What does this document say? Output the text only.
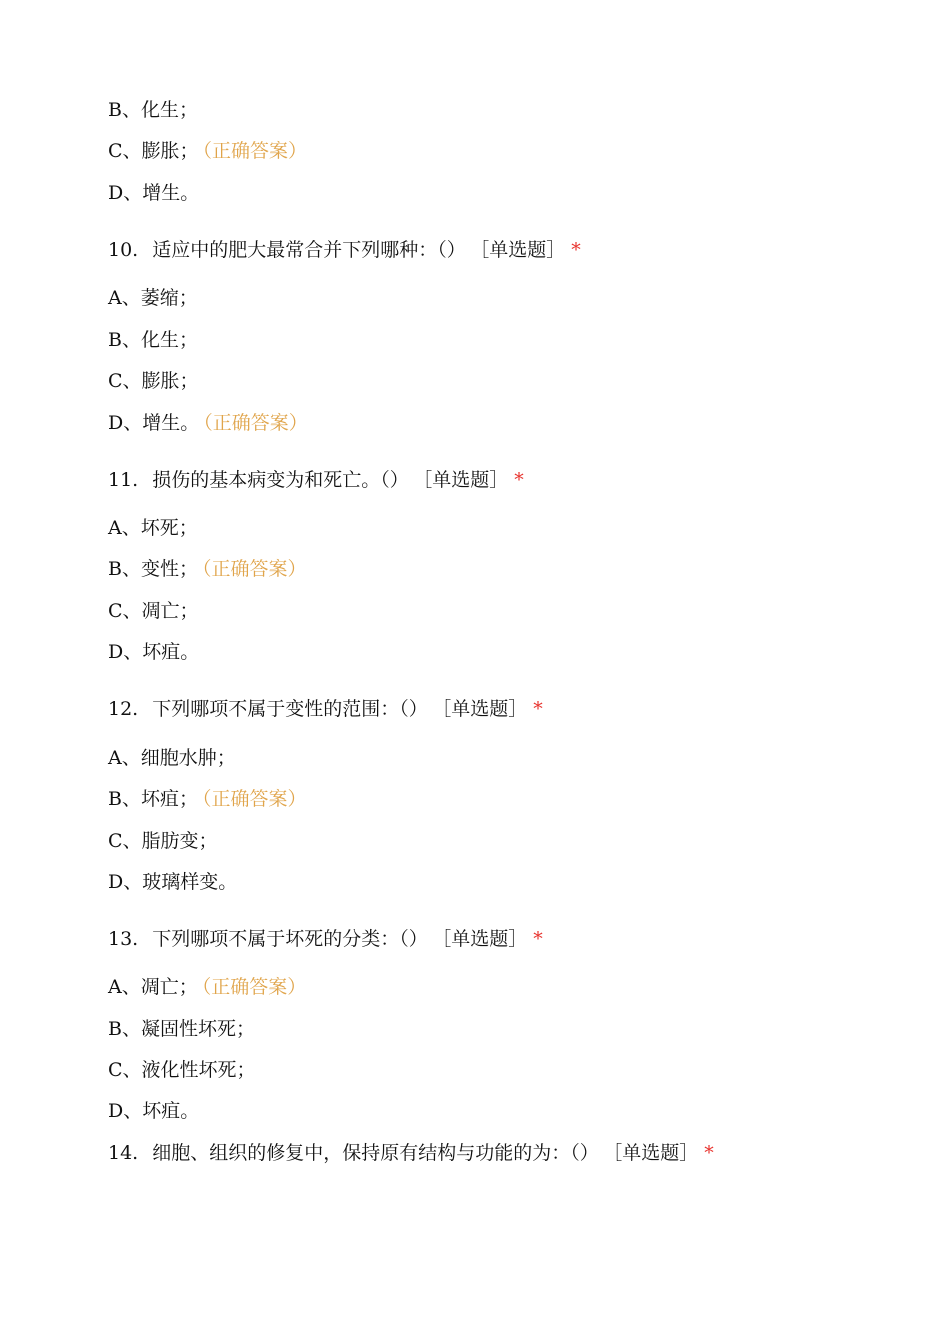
B、化生；
C、膨胀； （正确答案）
D、增生。
10. 适应中的肥大最常合并下列哪种：（） ［单选题］ *
A、萎缩；
B、化生；
C、膨胀；
D、增生。 （正确答案）
11. 损伤的基本病变为和死亡。（） ［单选题］ *
A、坏死；
B、变性； （正确答案）
C、凋亡；
D、坏疽。
12. 下列哪项不属于变性的范围：（） ［单选题］ *
A、细胞水肿；
B、坏疽； （正确答案）
C、脂肪变；
D、玻璃样变。
13. 下列哪项不属于坏死的分类：（） ［单选题］ *
A、凋亡； （正确答案）
B、凝固性坏死；
C、液化性坏死；
D、坏疽。
14. 细胞、组织的修复中，保持原有结构与功能的为：（） ［单选题］ *
